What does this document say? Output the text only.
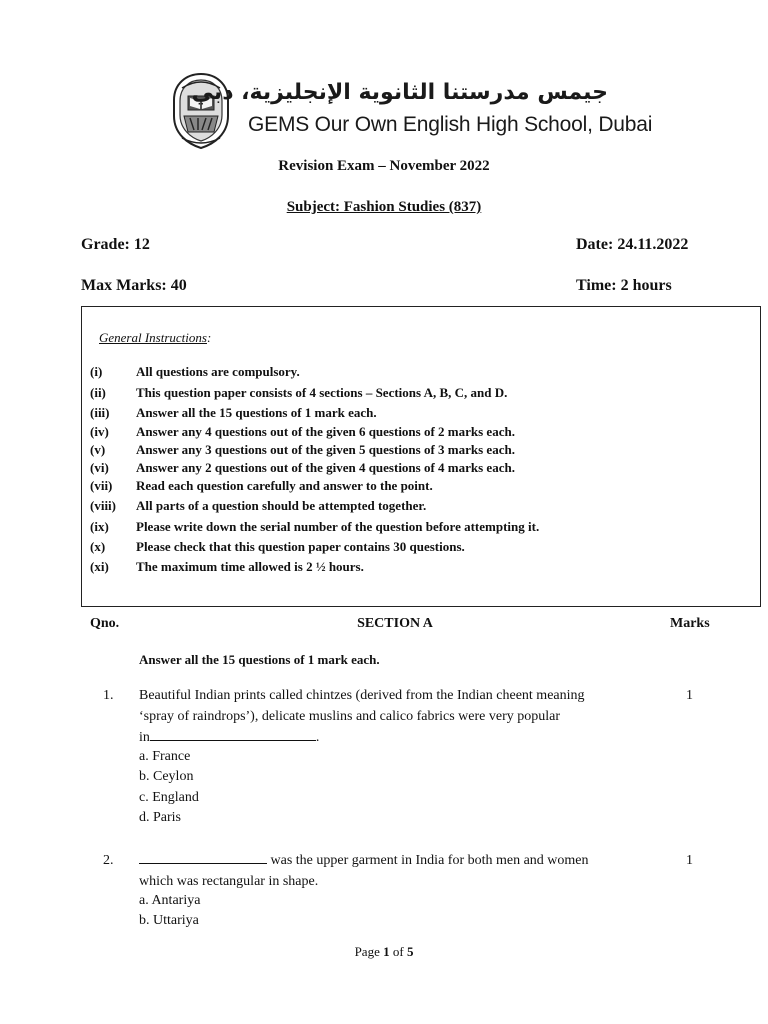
جيمس مدرستنا الثانوية الإنجليزية، دبي
GEMS Our Own English High School, Dubai
Revision Exam – November 2022
Subject: Fashion Studies (837)
Grade: 12	Date: 24.11.2022
Max Marks: 40	Time: 2 hours
General Instructions:
(i)	All questions are compulsory.
(ii) This question paper consists of 4 sections – Sections A, B, C, and D.
(iii) Answer all the 15 questions of 1 mark each.
(iv) Answer any 4 questions out of the given 6 questions of 2 marks each.
(v) Answer any 3 questions out of the given 5 questions of 3 marks each.
(vi) Answer any 2 questions out of the given 4 questions of 4 marks each.
(vii) Read each question carefully and answer to the point.
(viii) All parts of a question should be attempted together.
(ix) Please write down the serial number of the question before attempting it.
(x) Please check that this question paper contains 30 questions.
(xi) The maximum time allowed is 2 ½ hours.
Qno.	SECTION A	Marks
Answer all the 15 questions of 1 mark each.
1. Beautiful Indian prints called chintzes (derived from the Indian cheent meaning
‘spray of raindrops’), delicate muslins and calico fabrics were very popular
in	.
1
a. France
b. Ceylon
c. England
d. Paris
2.	was the upper garment in India for both men and women
which was rectangular in shape.
1
a. Antariya
b. Uttariya
Page 1 of 5
